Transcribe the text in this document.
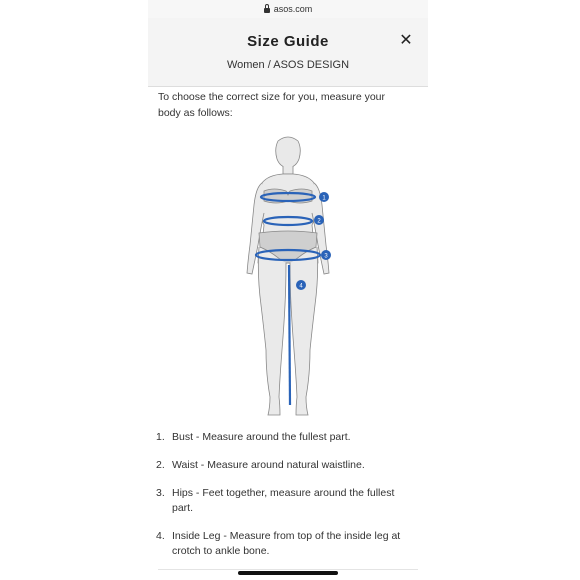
asos.com
Size Guide
Women / ASOS DESIGN
✕
To choose the correct size for you, measure your body as follows:
1
2
3
4
1. Bust - Measure around the fullest part.
2. Waist - Measure around natural waistline.
3. Hips - Feet together, measure around the fullest part.
4. Inside Leg - Measure from top of the inside leg at crotch to ankle bone.
